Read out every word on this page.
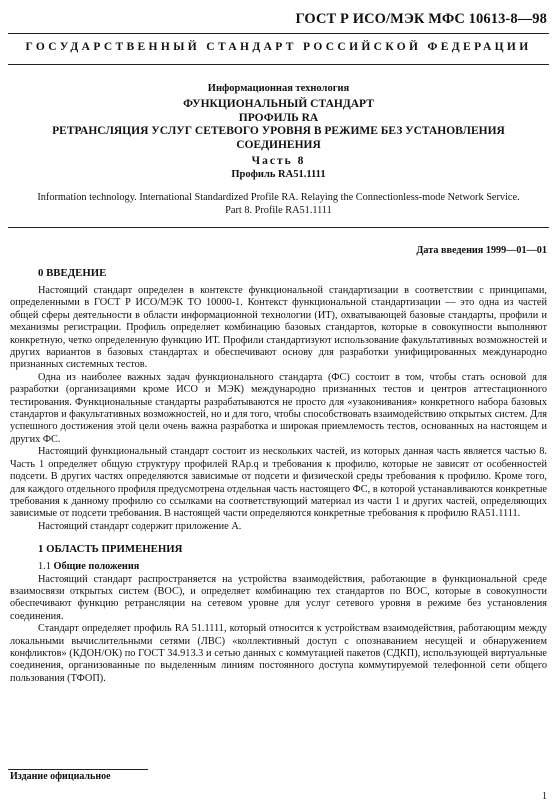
ГОСТ Р ИСО/МЭК МФС 10613-8—98
ГОСУДАРСТВЕННЫЙ СТАНДАРТ РОССИЙСКОЙ ФЕДЕРАЦИИ
Информационная технология
ФУНКЦИОНАЛЬНЫЙ СТАНДАРТ
ПРОФИЛЬ RA
РЕТРАНСЛЯЦИЯ УСЛУГ СЕТЕВОГО УРОВНЯ В РЕЖИМЕ БЕЗ УСТАНОВЛЕНИЯ
СОЕДИНЕНИЯ
Часть 8
Профиль RA51.1111
Information technology. International Standardized Profile RA. Relaying the Connectionless-mode Network Service.
Part 8. Profile RA51.1111
Дата введения 1999—01—01
0 ВВЕДЕНИЕ

Настоящий стандарт определен в контексте функциональной стандартизации в соответствии с принципами, определенными в ГОСТ Р ИСО/МЭК ТО 10000-1. Контекст функциональной стандартизации — это одна из частей общей сферы деятельности в области информационной технологии (ИТ), охватывающей базовые стандарты, профили и механизмы регистрации. Профиль определяет комбинацию базовых стандартов, которые в совокупности выполняют конкретную, четко определенную функцию ИТ. Профили стандартизуют использование факультативных возможностей и других вариантов в базовых стандартах и обеспечивают основу для разработки унифицированных международно признанных системных тестов.

Одна из наиболее важных задач функционального стандарта (ФС) состоит в том, чтобы стать основой для разработки (организациями кроме ИСО и МЭК) международно признанных тестов и центров аттестационного тестирования. Функциональные стандарты разрабатываются не просто для «узаконивания» конкретного набора базовых стандартов и факультативных возможностей, но и для того, чтобы способствовать взаимодействию открытых систем. Для успешного достижения этой цели очень важна разработка и широкая приемлемость тестов, основанных на настоящем и других ФС.

Настоящий функциональный стандарт состоит из нескольких частей, из которых данная часть является частью 8. Часть 1 определяет общую структуру профилей RAp.q и требования к профилю, которые не зависят от особенностей подсети. В других частях определяются зависимые от подсети и физической среды требования к профилю. Кроме того, для каждого отдельного профиля предусмотрена отдельная часть настоящего ФС, в которой устанавливаются конкретные требования к данному профилю со ссылками на соответствующий материал из части 1 и других частей, определяющих зависимые от подсети требования. В настоящей части определяются конкретные требования к профилю RA51.1111.

Настоящий стандарт содержит приложение А.

1 ОБЛАСТЬ ПРИМЕНЕНИЯ

1.1 Общие положения

Настоящий стандарт распространяется на устройства взаимодействия, работающие в функциональной среде взаимосвязи открытых систем (ВОС), и определяет комбинацию тех стандартов по ВОС, которые в совокупности обеспечивают функцию ретрансляции на сетевом уровне для услуг сетевого уровня в режиме без установления соединения.

Стандарт определяет профиль RA 51.1111, который относится к устройствам взаимодействия, работающим между локальными вычислительными сетями (ЛВС) «коллективный доступ с опознаванием несущей и обнаружением конфликтов» (КДОН/ОК) по ГОСТ 34.913.3 и сетью данных с коммутацией пакетов (СДКП), использующей виртуальные соединения, организованные по выделенным линиям постоянного доступа коммутируемой телефонной сети общего пользования (ТФОП).

Издание официальное
1
